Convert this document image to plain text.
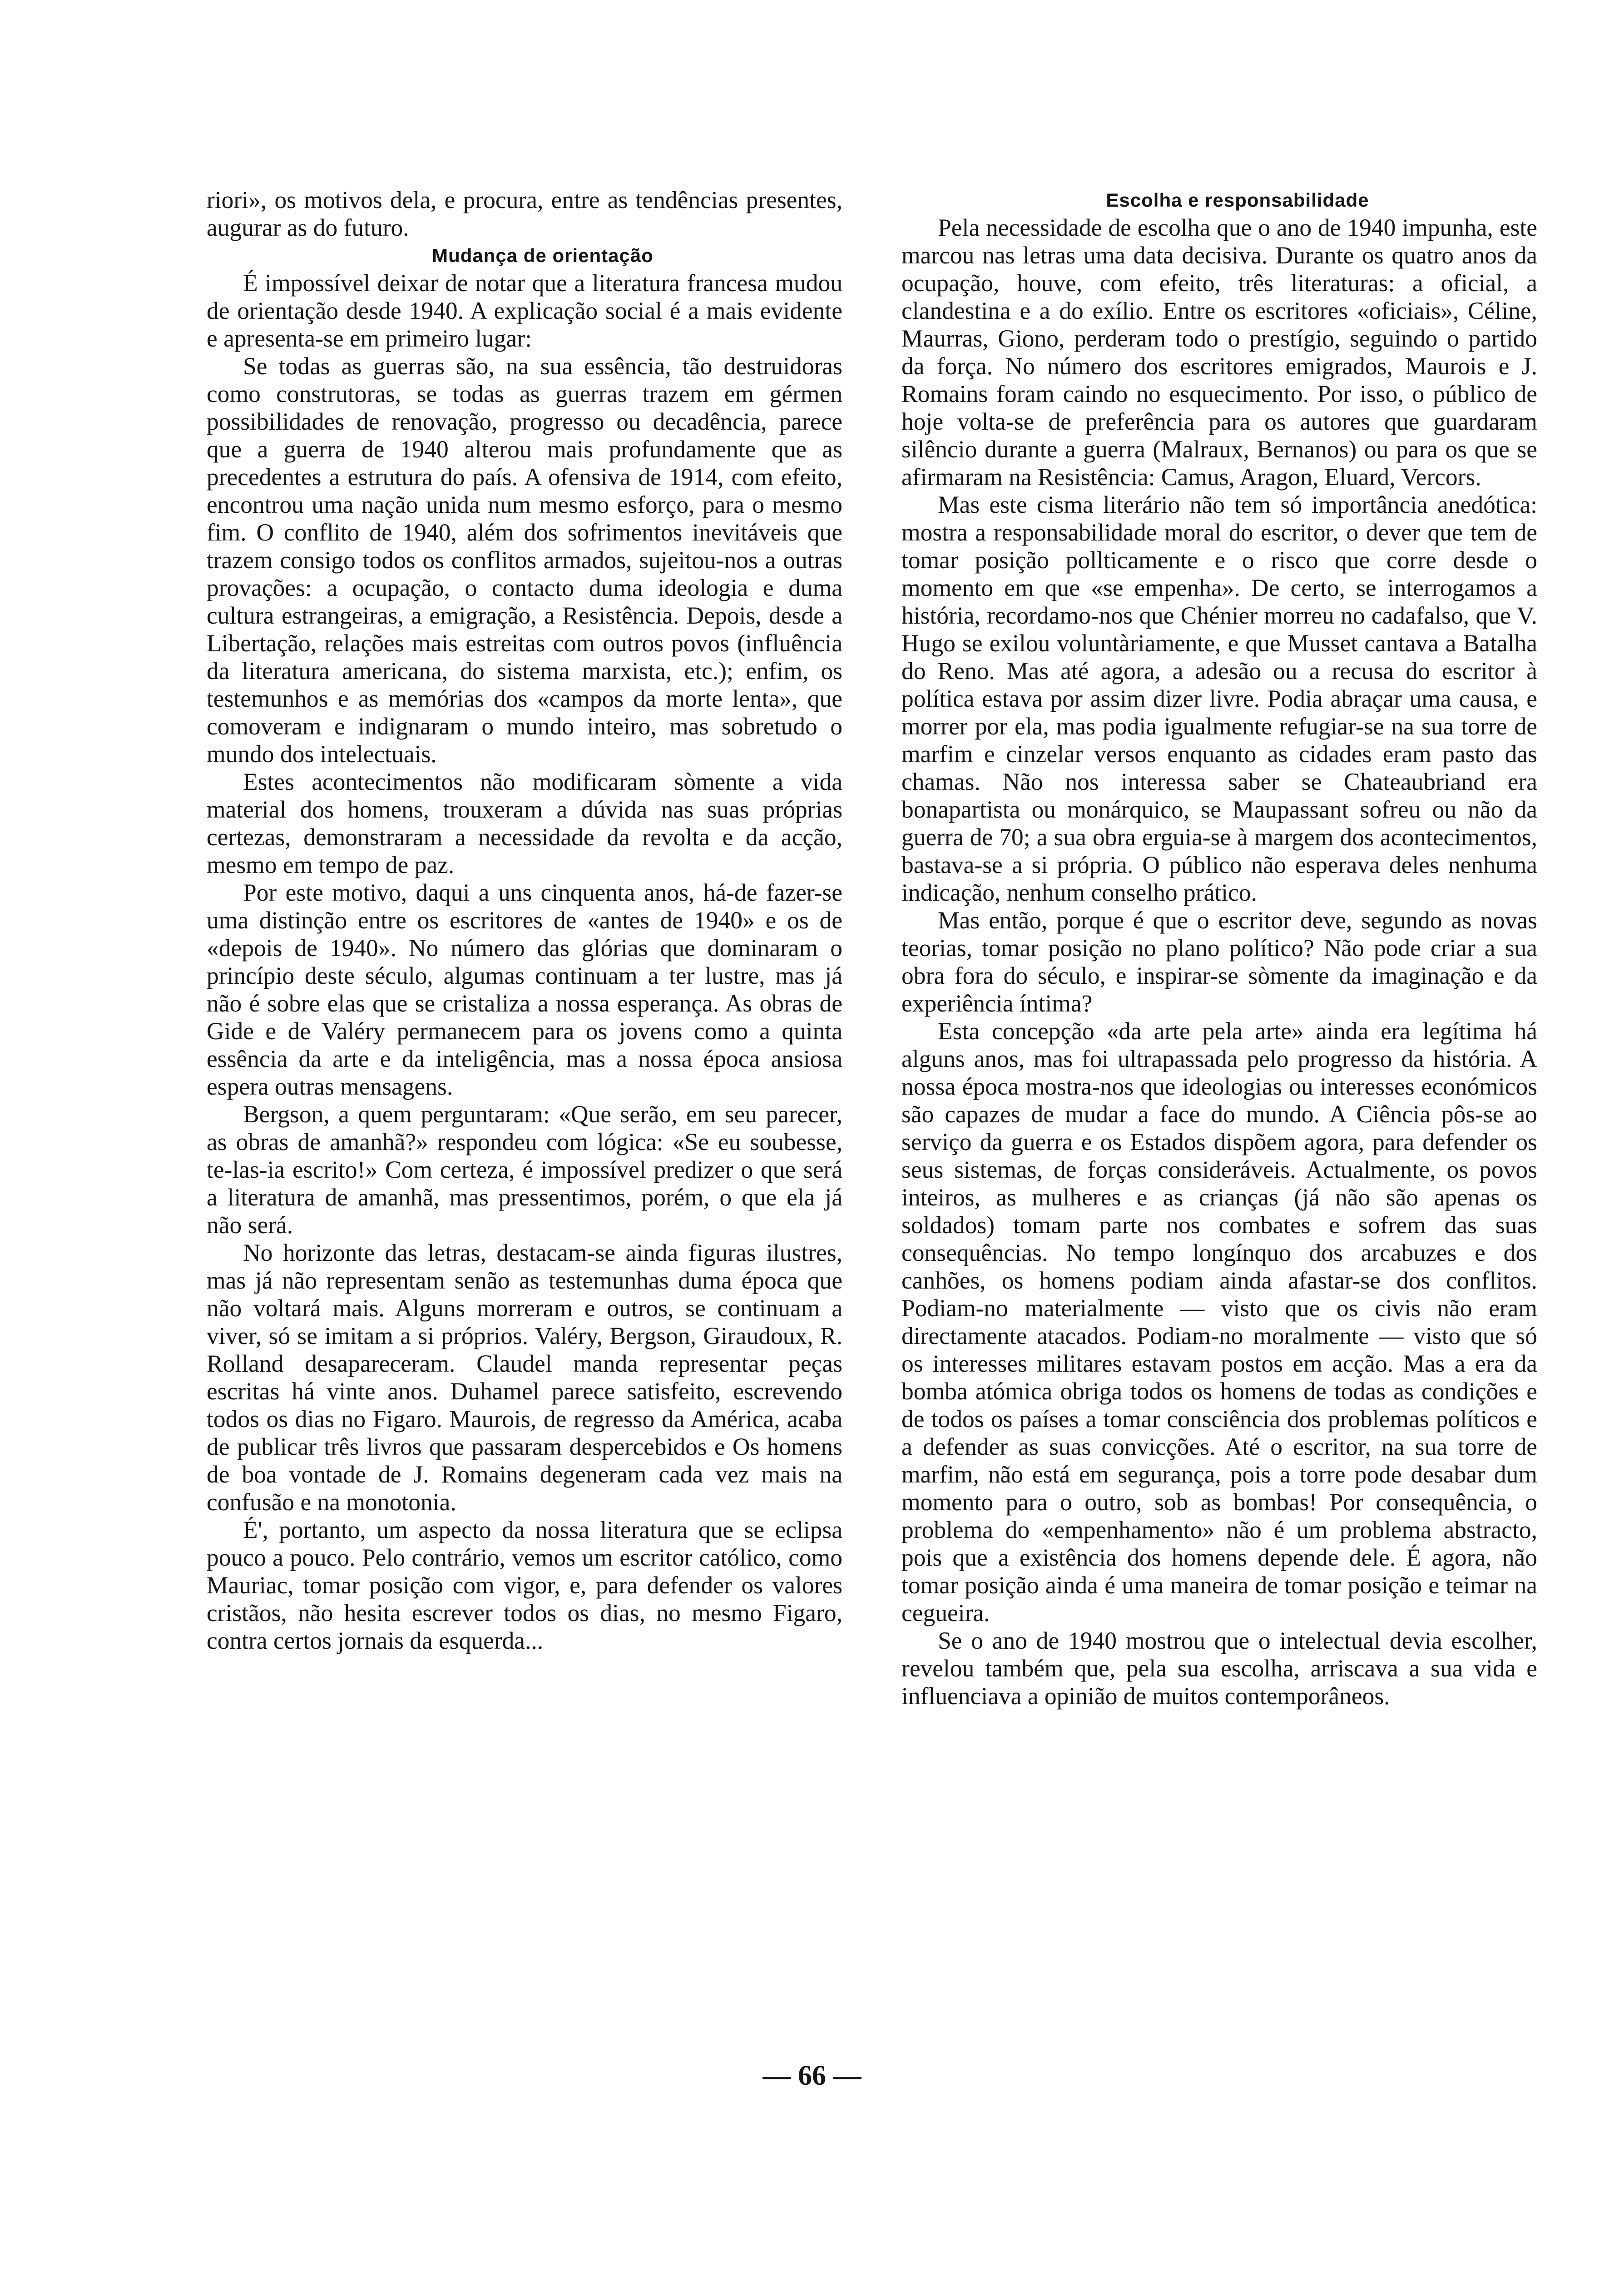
riori», os motivos dela, e procura, entre as tendências presentes, augurar as do futuro.

Mudança de orientação

É impossível deixar de notar que a literatura francesa mudou de orientação desde 1940. A explicação social é a mais evidente e apresenta-se em primeiro lugar:

Se todas as guerras são, na sua essência, tão destruidoras como construtoras, se todas as guerras trazem em gérmen possibilidades de renovação, progresso ou decadência, parece que a guerra de 1940 alterou mais profundamente que as precedentes a estrutura do país. A ofensiva de 1914, com efeito, encontrou uma nação unida num mesmo esforço, para o mesmo fim. O conflito de 1940, além dos sofrimentos inevitáveis que trazem consigo todos os conflitos armados, sujeitou-nos a outras provações: a ocupação, o contacto duma ideologia e duma cultura estrangeiras, a emigração, a Resistência. Depois, desde a Libertação, relações mais estreitas com outros povos (influência da literatura americana, do sistema marxista, etc.); enfim, os testemunhos e as memórias dos «campos da morte lenta», que comoveram e indignaram o mundo inteiro, mas sobretudo o mundo dos intelectuais.

Estes acontecimentos não modificaram sòmente a vida material dos homens, trouxeram a dúvida nas suas próprias certezas, demonstraram a necessidade da revolta e da acção, mesmo em tempo de paz.

Por este motivo, daqui a uns cinquenta anos, há-de fazer-se uma distinção entre os escritores de «antes de 1940» e os de «depois de 1940». No número das glórias que dominaram o princípio deste século, algumas continuam a ter lustre, mas já não é sobre elas que se cristaliza a nossa esperança. As obras de Gide e de Valéry permanecem para os jovens como a quinta essência da arte e da inteligência, mas a nossa época ansiosa espera outras mensagens.

Bergson, a quem perguntaram: «Que serão, em seu parecer, as obras de amanhã?» respondeu com lógica: «Se eu soubesse, te-las-ia escrito!» Com certeza, é impossível predizer o que será a literatura de amanhã, mas pressentimos, porém, o que ela já não será.

No horizonte das letras, destacam-se ainda figuras ilustres, mas já não representam senão as testemunhas duma época que não voltará mais. Alguns morreram e outros, se continuam a viver, só se imitam a si próprios. Valéry, Bergson, Giraudoux, R. Rolland desapareceram. Claudel manda representar peças escritas há vinte anos. Duhamel parece satisfeito, escrevendo todos os dias no Figaro. Maurois, de regresso da América, acaba de publicar três livros que passaram despercebidos e Os homens de boa vontade de J. Romains degeneram cada vez mais na confusão e na monotonia.

É', portanto, um aspecto da nossa literatura que se eclipsa pouco a pouco. Pelo contrário, vemos um escritor católico, como Mauriac, tomar posição com vigor, e, para defender os valores cristãos, não hesita escrever todos os dias, no mesmo Figaro, contra certos jornais da esquerda...

Escolha e responsabilidade

Pela necessidade de escolha que o ano de 1940 impunha, este marcou nas letras uma data decisiva. Durante os quatro anos da ocupação, houve, com efeito, três literaturas: a oficial, a clandestina e a do exílio. Entre os escritores «oficiais», Céline, Maurras, Giono, perderam todo o prestígio, seguindo o partido da força. No número dos escritores emigrados, Maurois e J. Romains foram caindo no esquecimento. Por isso, o público de hoje volta-se de preferência para os autores que guardaram silêncio durante a guerra (Malraux, Bernanos) ou para os que se afirmaram na Resistência: Camus, Aragon, Eluard, Vercors.

Mas este cisma literário não tem só importância anedótica: mostra a responsabilidade moral do escritor, o dever que tem de tomar posição pollticamente e o risco que corre desde o momento em que «se empenha». De certo, se interrogamos a história, recordamo-nos que Chénier morreu no cadafalso, que V. Hugo se exilou voluntàriamente, e que Musset cantava a Batalha do Reno. Mas até agora, a adesão ou a recusa do escritor à política estava por assim dizer livre. Podia abraçar uma causa, e morrer por ela, mas podia igualmente refugiar-se na sua torre de marfim e cinzelar versos enquanto as cidades eram pasto das chamas. Não nos interessa saber se Chateaubriand era bonapartista ou monárquico, se Maupassant sofreu ou não da guerra de 70; a sua obra erguia-se à margem dos acontecimentos, bastava-se a si própria. O público não esperava deles nenhuma indicação, nenhum conselho prático.

Mas então, porque é que o escritor deve, segundo as novas teorias, tomar posição no plano político? Não pode criar a sua obra fora do século, e inspirar-se sòmente da imaginação e da experiência íntima?

Esta concepção «da arte pela arte» ainda era legítima há alguns anos, mas foi ultrapassada pelo progresso da história. A nossa época mostra-nos que ideologias ou interesses económicos são capazes de mudar a face do mundo. A Ciência pôs-se ao serviço da guerra e os Estados dispõem agora, para defender os seus sistemas, de forças consideráveis. Actualmente, os povos inteiros, as mulheres e as crianças (já não são apenas os soldados) tomam parte nos combates e sofrem das suas consequências. No tempo longínquo dos arcabuzes e dos canhões, os homens podiam ainda afastar-se dos conflitos. Podiam-no materialmente — visto que os civis não eram directamente atacados. Podiam-no moralmente — visto que só os interesses militares estavam postos em acção. Mas a era da bomba atómica obriga todos os homens de todas as condições e de todos os países a tomar consciência dos problemas políticos e a defender as suas convicções. Até o escritor, na sua torre de marfim, não está em segurança, pois a torre pode desabar dum momento para o outro, sob as bombas! Por consequência, o problema do «empenhamento» não é um problema abstracto, pois que a existência dos homens depende dele. É agora, não tomar posição ainda é uma maneira de tomar posição e teimar na cegueira.

Se o ano de 1940 mostrou que o intelectual devia escolher, revelou também que, pela sua escolha, arriscava a sua vida e influenciava a opinião de muitos contemporâneos.

— 66 —
